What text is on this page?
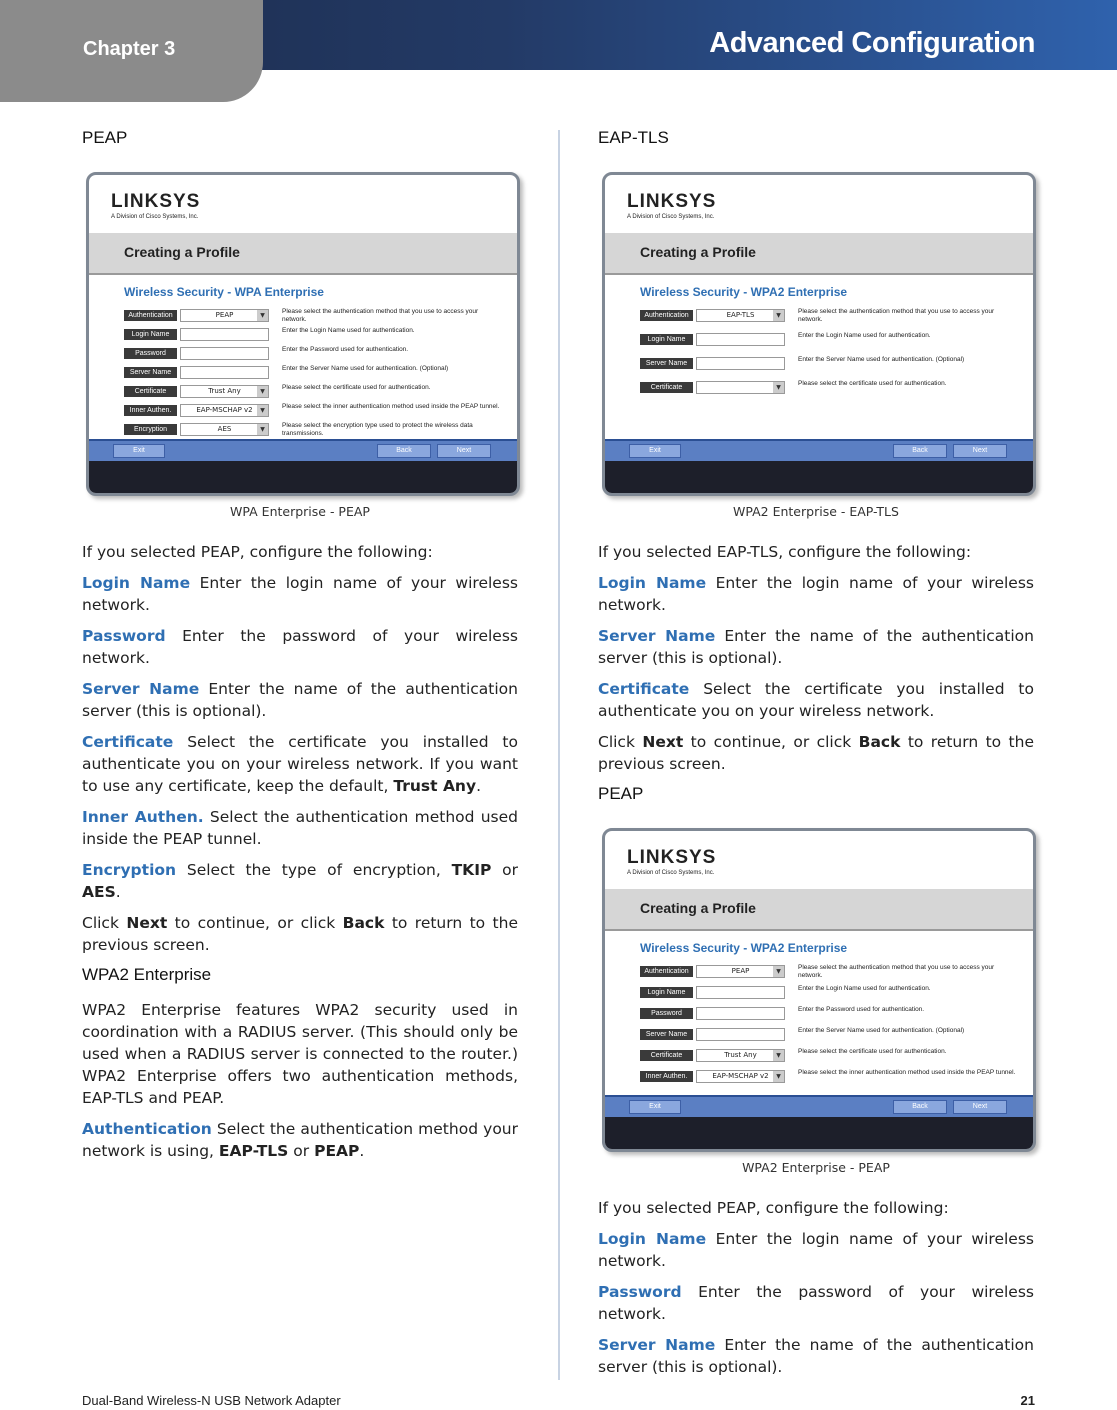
Chapter 3	Advanced Configuration
PEAP
LINKSYS
A Division of Cisco Systems, Inc.
Creating a Profile
Wireless Security - WPA Enterprise
Authentication	PEAP	▼
Please select the authentication method that you use to access your network.
Login Name
Enter the Login Name used for authentication.
Password
Enter the Password used for authentication.
Server Name
Enter the Server Name used for authentication. (Optional)
Certificate	Trust Any	▼
Please select the certificate used for authentication.
Inner Authen.	EAP-MSCHAP v2	▼
Please select the inner authentication method used inside the PEAP tunnel.
Encryption	AES	▼
Please select the encryption type used to protect the wireless data transmissions.
Exit	Back	Next
WPA Enterprise - PEAP

If you selected PEAP, configure the following:

Login Name Enter the login name of your wireless network.

Password Enter the password of your wireless network.

Server Name Enter the name of the authentication server (this is optional).

Certificate Select the certificate you installed to authenticate you on your wireless network. If you want to use any certificate, keep the default, Trust Any.

Inner Authen. Select the authentication method used inside the PEAP tunnel.

Encryption Select the type of encryption, TKIP or AES.

Click Next to continue, or click Back to return to the previous screen.

WPA2 Enterprise

WPA2 Enterprise features WPA2 security used in coordination with a RADIUS server. (This should only be used when a RADIUS server is connected to the router.) WPA2 Enterprise offers two authentication methods, EAP-TLS and PEAP.

Authentication Select the authentication method your network is using, EAP-TLS or PEAP.

EAP-TLS
LINKSYS
A Division of Cisco Systems, Inc.
Creating a Profile
Wireless Security - WPA2 Enterprise
Authentication	EAP-TLS	▼
Please select the authentication method that you use to access your network.
Login Name
Enter the Login Name used for authentication.
Server Name
Enter the Server Name used for authentication. (Optional)
Certificate	▼
Please select the certificate used for authentication.
Exit	Back	Next
WPA2 Enterprise - EAP-TLS

If you selected EAP-TLS, configure the following:

Login Name Enter the login name of your wireless network.

Server Name Enter the name of the authentication server (this is optional).

Certificate Select the certificate you installed to authenticate you on your wireless network.

Click Next to continue, or click Back to return to the previous screen.

PEAP
LINKSYS
A Division of Cisco Systems, Inc.
Creating a Profile
Wireless Security - WPA2 Enterprise
Authentication	PEAP	▼
Please select the authentication method that you use to access your network.
Login Name
Enter the Login Name used for authentication.
Password
Enter the Password used for authentication.
Server Name
Enter the Server Name used for authentication. (Optional)
Certificate	Trust Any	▼
Please select the certificate used for authentication.
Inner Authen.	EAP-MSCHAP v2	▼
Please select the inner authentication method used inside the PEAP tunnel.
Exit	Back	Next
WPA2 Enterprise - PEAP

If you selected PEAP, configure the following:

Login Name Enter the login name of your wireless network.

Password Enter the password of your wireless network.

Server Name Enter the name of the authentication server (this is optional).

Dual-Band Wireless-N USB Network Adapter	21
